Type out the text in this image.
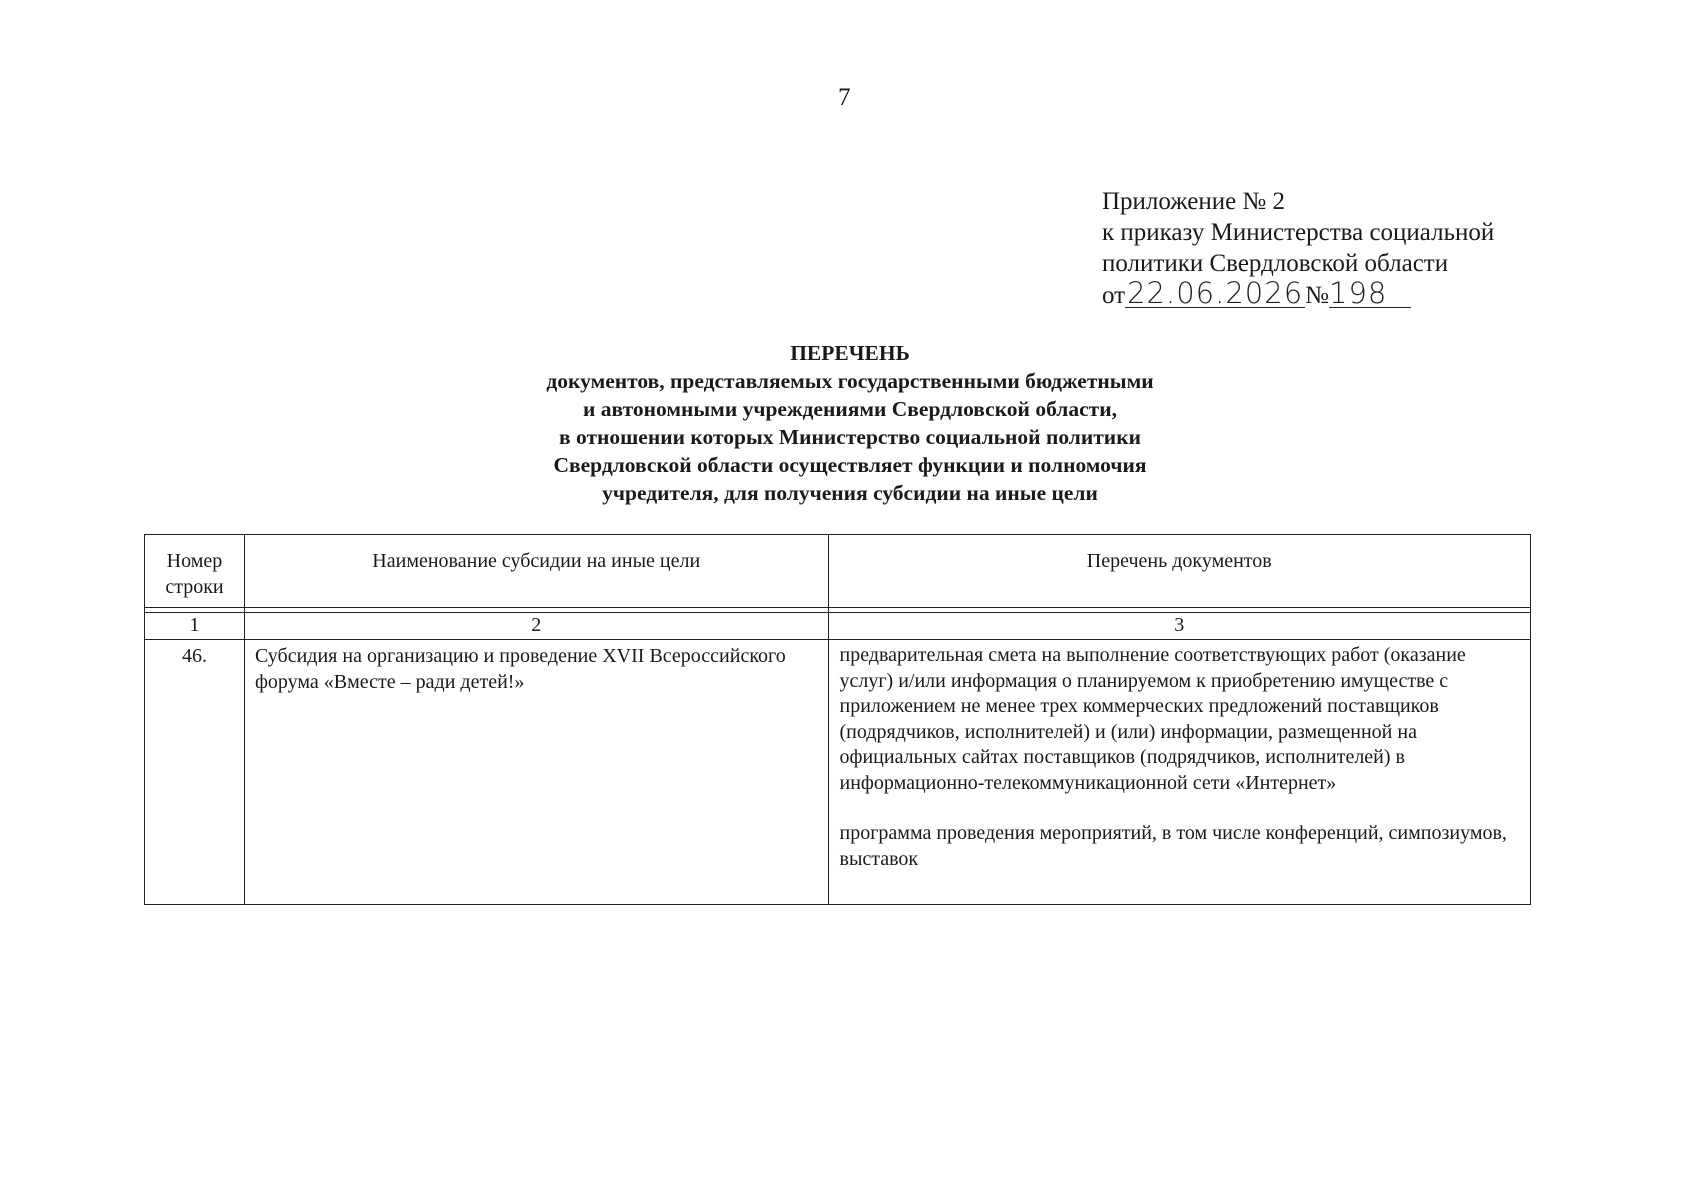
7
Приложение № 2
к приказу Министерства социальной
политики Свердловской области
от22.06.2026№198
ПЕРЕЧЕНЬ
документов, представляемых государственными бюджетными
и автономными учреждениями Свердловской области,
в отношении которых Министерство социальной политики
Свердловской области осуществляет функции и полномочия
учредителя, для получения субсидии на иные цели
Номер строки	Наименование субсидии на иные цели	Перечень документов

1	2	3
46.	Субсидия на организацию и проведение XVII Всероссийского форума «Вместе – ради детей!»	предварительная смета на выполнение соответствующих работ (оказание услуг) и/или информация о планируемом к приобретению имуществе с приложением не менее трех коммерческих предложений поставщиков (подрядчиков, исполнителей) и (или) информации, размещенной на официальных сайтах поставщиков (подрядчиков, исполнителей) в информационно-телекоммуникационной сети «Интернет»

программа проведения мероприятий, в том числе конференций, симпозиумов, выставок
